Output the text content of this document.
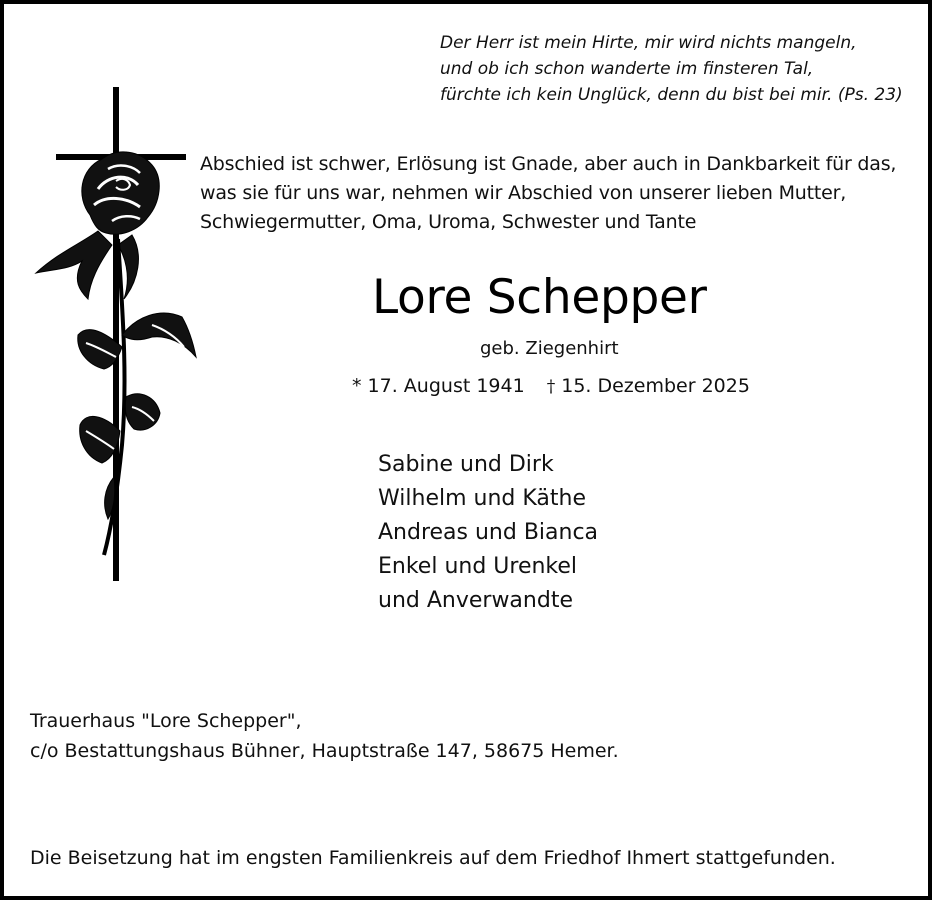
Der Herr ist mein Hirte, mir wird nichts mangeln,
und ob ich schon wanderte im finsteren Tal,
fürchte ich kein Unglück, denn du bist bei mir. (Ps. 23)
Abschied ist schwer, Erlösung ist Gnade, aber auch in Dankbarkeit für das,
was sie für uns war, nehmen wir Abschied von unserer lieben Mutter,
Schwiegermutter, Oma, Uroma, Schwester und Tante
Lore Schepper
geb. Ziegenhirt
* 17. August 1941 † 15. Dezember 2025
Sabine und Dirk
Wilhelm und Käthe
Andreas und Bianca
Enkel und Urenkel
und Anverwandte
Trauerhaus "Lore Schepper",
c/o Bestattungshaus Bühner, Hauptstraße 147, 58675 Hemer.
Die Beisetzung hat im engsten Familienkreis auf dem Friedhof Ihmert stattgefunden.
